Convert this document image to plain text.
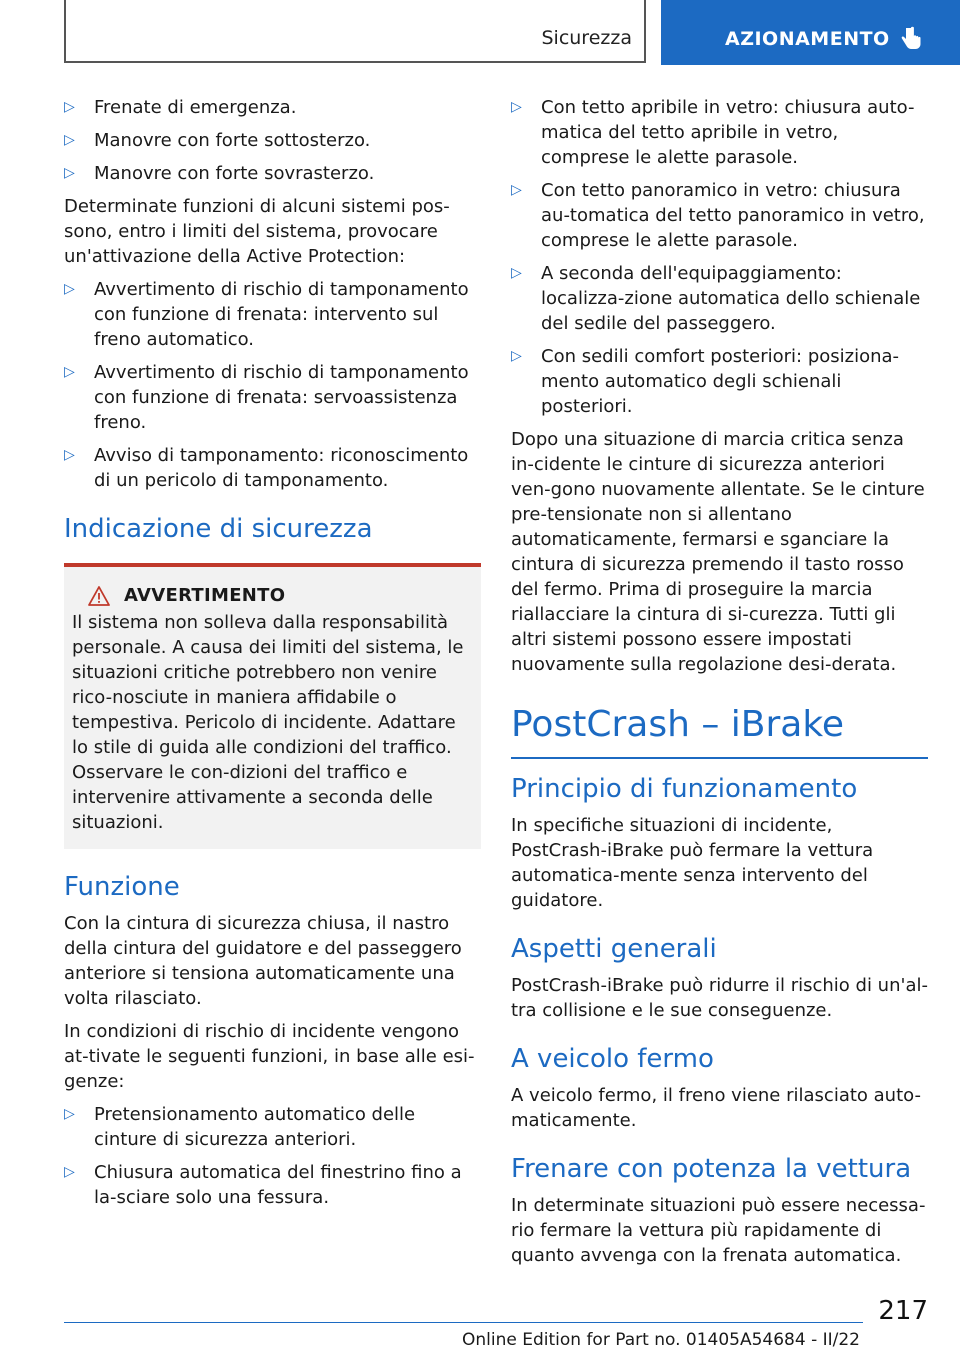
Sicurezza	AZIONAMENTO
▷ Frenate di emergenza.
▷ Manovre con forte sottosterzo.
▷ Manovre con forte sovrasterzo.

Determinate funzioni di alcuni sistemi pos-sono, entro i limiti del sistema, provocare un'attivazione della Active Protection:

▷ Avvertimento di rischio di tamponamento con funzione di frenata: intervento sul freno automatico.
▷ Avvertimento di rischio di tamponamento con funzione di frenata: servoassistenza freno.
▷ Avviso di tamponamento: riconoscimento di un pericolo di tamponamento.
Indicazione di sicurezza
AVVERTIMENTO
Il sistema non solleva dalla responsabilità personale. A causa dei limiti del sistema, le situazioni critiche potrebbero non venire rico-nosciute in maniera affidabile o tempestiva. Pericolo di incidente. Adattare lo stile di guida alle condizioni del traffico. Osservare le con-dizioni del traffico e intervenire attivamente a seconda delle situazioni.
Funzione

Con la cintura di sicurezza chiusa, il nastro della cintura del guidatore e del passeggero anteriore si tensiona automaticamente una volta rilasciato.

In condizioni di rischio di incidente vengono at-tivate le seguenti funzioni, in base alle esi-genze:

▷ Pretensionamento automatico delle cinture di sicurezza anteriori.
▷ Chiusura automatica del finestrino fino a la-sciare solo una fessura.
▷ Con tetto apribile in vetro: chiusura auto-matica del tetto apribile in vetro, comprese le alette parasole.
▷ Con tetto panoramico in vetro: chiusura au-tomatica del tetto panoramico in vetro, comprese le alette parasole.
▷ A seconda dell'equipaggiamento: localizza-zione automatica dello schienale del sedile del passeggero.
▷ Con sedili comfort posteriori: posiziona-mento automatico degli schienali posteriori.

Dopo una situazione di marcia critica senza in-cidente le cinture di sicurezza anteriori ven-gono nuovamente allentate. Se le cinture pre-tensionate non si allentano automaticamente, fermarsi e sganciare la cintura di sicurezza premendo il tasto rosso del fermo. Prima di proseguire la marcia riallacciare la cintura di si-curezza. Tutti gli altri sistemi possono essere impostati nuovamente sulla regolazione desi-derata.

PostCrash – iBrake
Principio di funzionamento

In specifiche situazioni di incidente, PostCrash-iBrake può fermare la vettura automatica-mente senza intervento del guidatore.

Aspetti generali

PostCrash-iBrake può ridurre il rischio di un'al-tra collisione e le sue conseguenze.

A veicolo fermo

A veicolo fermo, il freno viene rilasciato auto-maticamente.

Frenare con potenza la vettura

In determinate situazioni può essere necessa-rio fermare la vettura più rapidamente di quanto avvenga con la frenata automatica.

217
Online Edition for Part no. 01405A54684 - II/22
